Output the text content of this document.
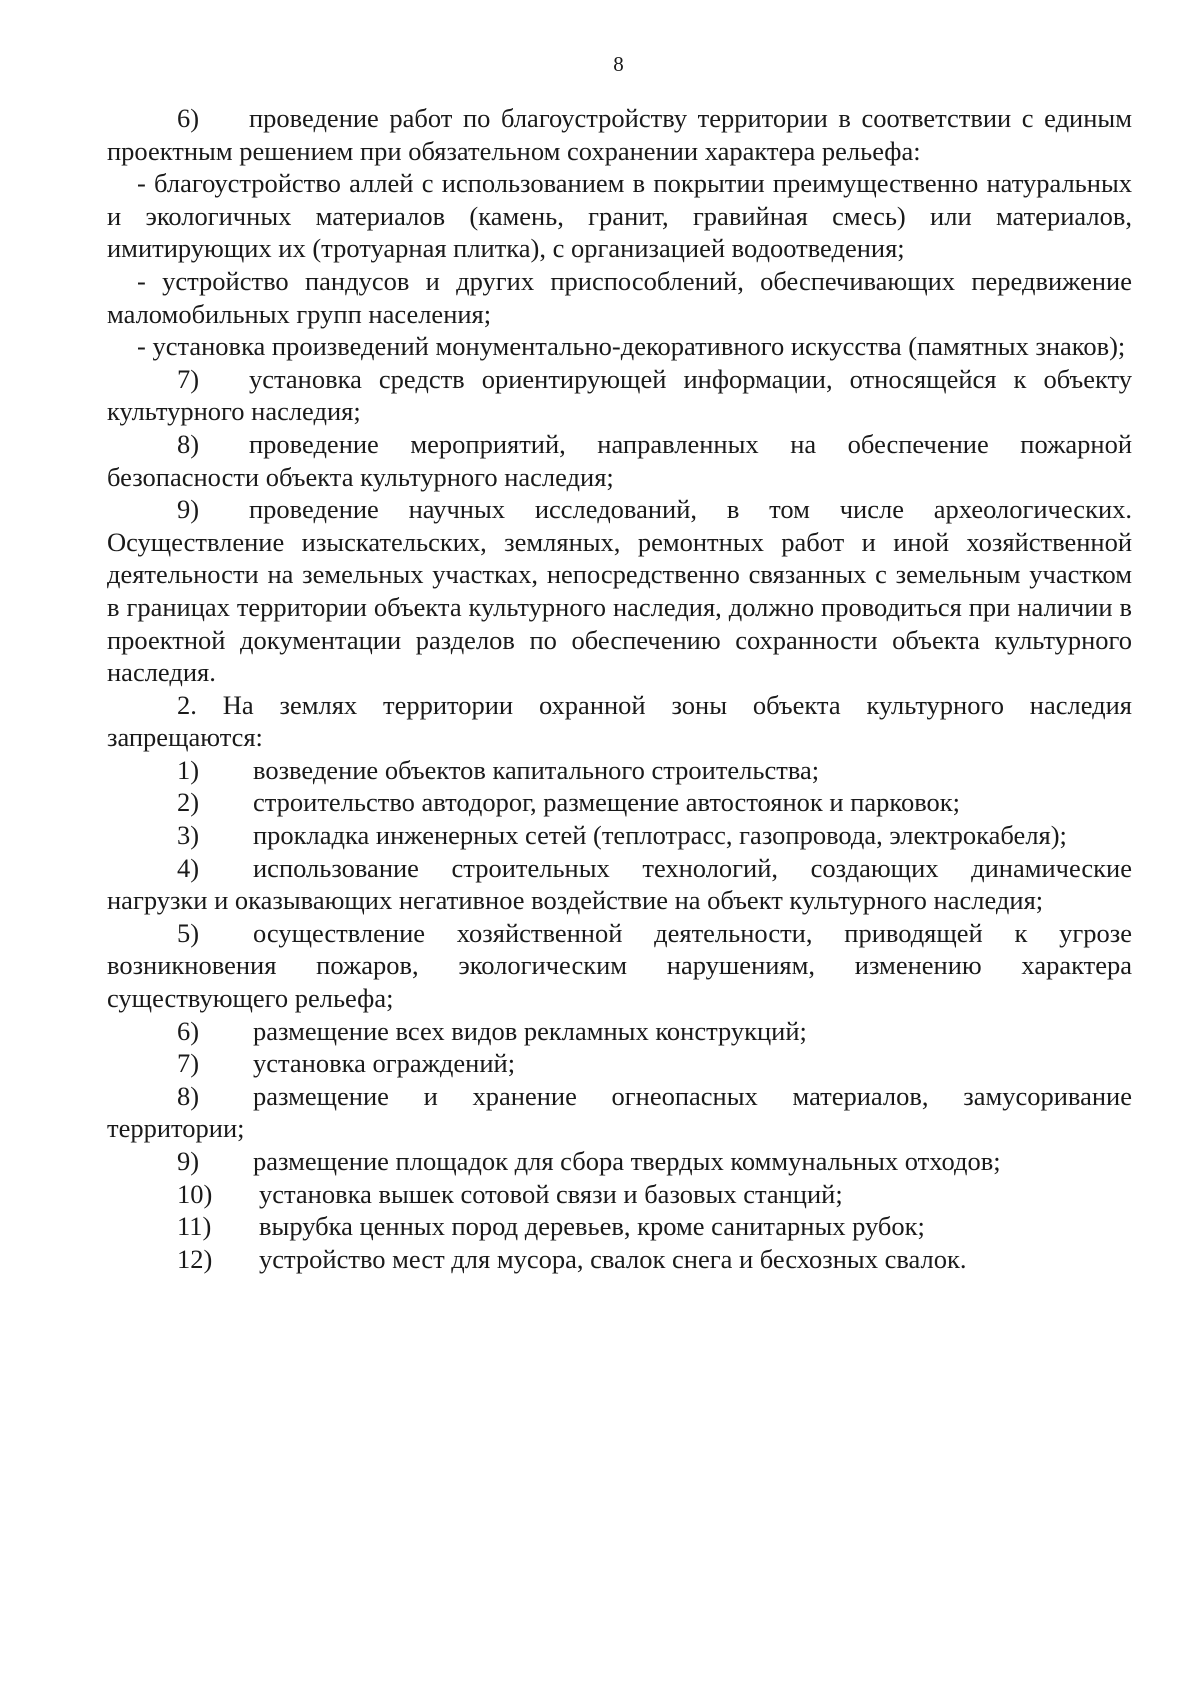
8

6) проведение работ по благоустройству территории в соответствии с единым проектным решением при обязательном сохранении характера рельефа:

- благоустройство аллей с использованием в покрытии преимущественно натуральных и экологичных материалов (камень, гранит, гравийная смесь) или материалов, имитирующих их (тротуарная плитка), с организацией водоотведения;

- устройство пандусов и других приспособлений, обеспечивающих передвижение маломобильных групп населения;

- установка произведений монументально-декоративного искусства (памятных знаков);

7) установка средств ориентирующей информации, относящейся к объекту культурного наследия;

8) проведение мероприятий, направленных на обеспечение пожарной безопасности объекта культурного наследия;

9) проведение научных исследований, в том числе археологических. Осуществление изыскательских, земляных, ремонтных работ и иной хозяйственной деятельности на земельных участках, непосредственно связанных с земельным участком в границах территории объекта культурного наследия, должно проводиться при наличии в проектной документации разделов по обеспечению сохранности объекта культурного наследия.

2. На землях территории охранной зоны объекта культурного наследия запрещаются:

1) возведение объектов капитального строительства;

2) строительство автодорог, размещение автостоянок и парковок;

3) прокладка инженерных сетей (теплотрасс, газопровода, электрокабеля);

4) использование строительных технологий, создающих динамические нагрузки и оказывающих негативное воздействие на объект культурного наследия;

5) осуществление хозяйственной деятельности, приводящей к угрозе возникновения пожаров, экологическим нарушениям, изменению характера существующего рельефа;

6) размещение всех видов рекламных конструкций;

7) установка ограждений;

8) размещение и хранение огнеопасных материалов, замусоривание территории;

9) размещение площадок для сбора твердых коммунальных отходов;

10) установка вышек сотовой связи и базовых станций;

11) вырубка ценных пород деревьев, кроме санитарных рубок;

12) устройство мест для мусора, свалок снега и бесхозных свалок.
